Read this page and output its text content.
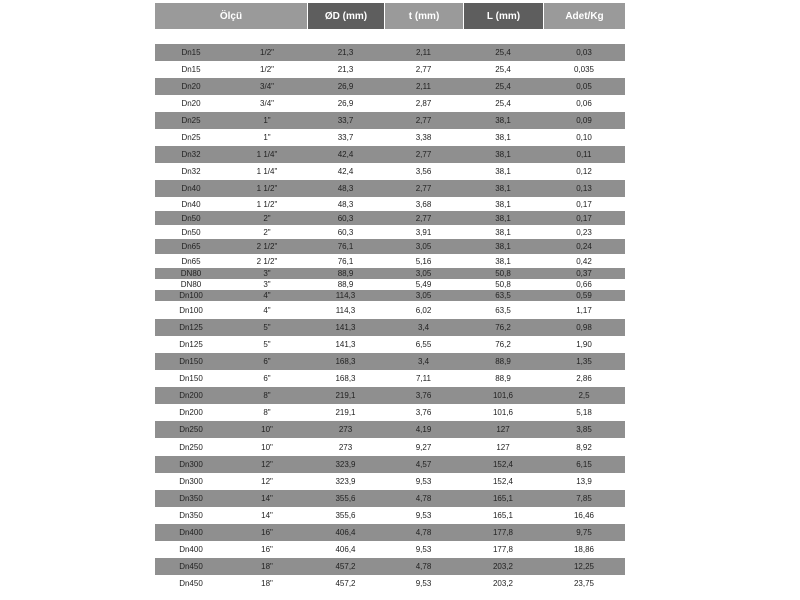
Ölçü	ØD (mm)	t (mm)	L (mm)	Adet/Kg
Dn15	1/2"	21,3	2,11	25,4	0,03
Dn15	1/2"	21,3	2,77	25,4	0,035
Dn20	3/4"	26,9	2,11	25,4	0,05
Dn20	3/4"	26,9	2,87	25,4	0,06
Dn25	1"	33,7	2,77	38,1	0,09
Dn25	1"	33,7	3,38	38,1	0,10
Dn32	1 1/4"	42,4	2,77	38,1	0,11
Dn32	1 1/4"	42,4	3,56	38,1	0,12
Dn40	1 1/2"	48,3	2,77	38,1	0,13
Dn40	1 1/2"	48,3	3,68	38,1	0,17
Dn50	2"	60,3	2,77	38,1	0,17
Dn50	2"	60,3	3,91	38,1	0,23
Dn65	2 1/2"	76,1	3,05	38,1	0,24
Dn65	2 1/2"	76,1	5,16	38,1	0,42
DN80	3"	88,9	3,05	50,8	0,37
DN80	3"	88,9	5,49	50,8	0,66
Dn100	4"	114,3	3,05	63,5	0,59
Dn100	4"	114,3	6,02	63,5	1,17
Dn125	5"	141,3	3,4	76,2	0,98
Dn125	5"	141,3	6,55	76,2	1,90
Dn150	6"	168,3	3,4	88,9	1,35
Dn150	6"	168,3	7,11	88,9	2,86
Dn200	8"	219,1	3,76	101,6	2,5
Dn200	8"	219,1	3,76	101,6	5,18
Dn250	10"	273	4,19	127	3,85
Dn250	10"	273	9,27	127	8,92
Dn300	12"	323,9	4,57	152,4	6,15
Dn300	12"	323,9	9,53	152,4	13,9
Dn350	14"	355,6	4,78	165,1	7,85
Dn350	14"	355,6	9,53	165,1	16,46
Dn400	16"	406,4	4,78	177,8	9,75
Dn400	16"	406,4	9,53	177,8	18,86
Dn450	18"	457,2	4,78	203,2	12,25
Dn450	18"	457,2	9,53	203,2	23,75
